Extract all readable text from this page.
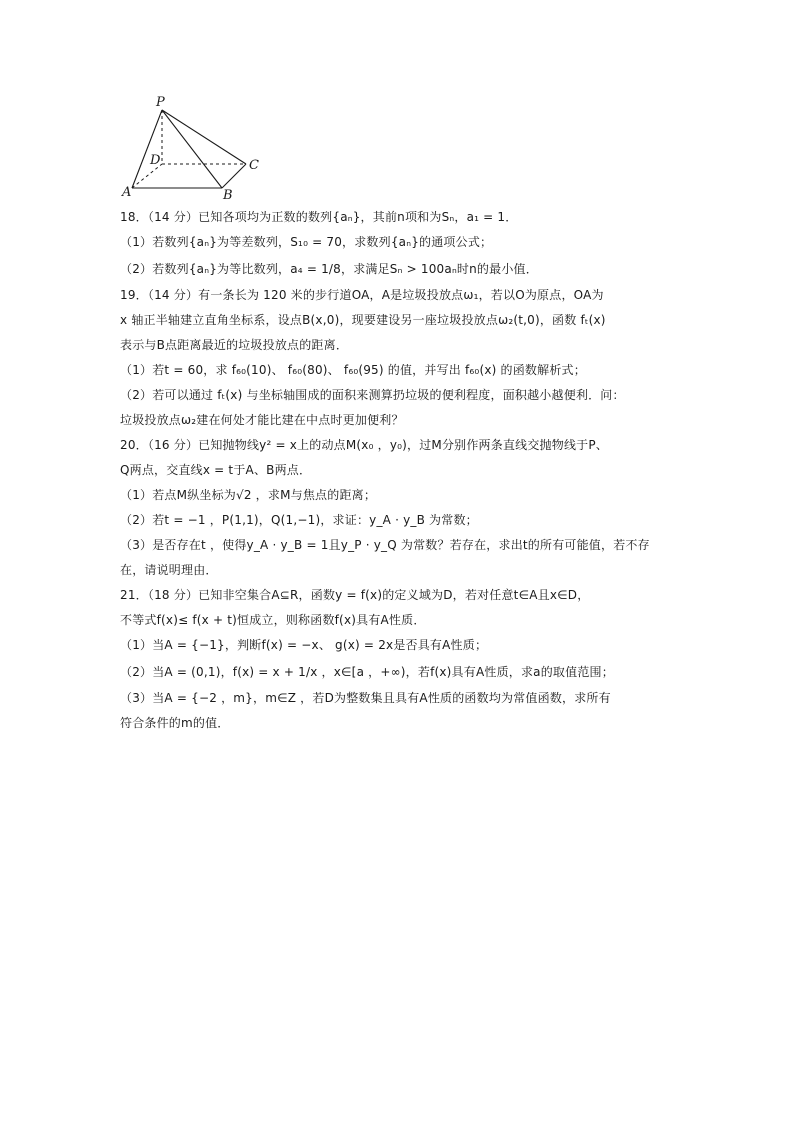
P
D	C
A	B
18．（14 分）已知各项均为正数的数列{aₙ}，其前n项和为Sₙ，a₁ = 1．
（1）若数列{aₙ}为等差数列，S₁₀ = 70，求数列{aₙ}的通项公式；
（2）若数列{aₙ}为等比数列，a₄ = 1/8，求满足Sₙ > 100aₙ时n的最小值．
19．（14 分）有一条长为 120 米的步行道OA，A是垃圾投放点ω₁，若以O为原点，OA为
x 轴正半轴建立直角坐标系，设点B(x,0)，现要建设另一座垃圾投放点ω₂(t,0)，函数 fₜ(x)
表示与B点距离最近的垃圾投放点的距离．
（1）若t = 60，求 f₆₀(10)、 f₆₀(80)、 f₆₀(95) 的值，并写出 f₆₀(x) 的函数解析式；
（2）若可以通过 fₜ(x) 与坐标轴围成的面积来测算扔垃圾的便利程度，面积越小越便利．问：
垃圾投放点ω₂建在何处才能比建在中点时更加便利？
20．（16 分）已知抛物线y² = x上的动点M(x₀ ，y₀)，过M分别作两条直线交抛物线于P、
Q两点，交直线x = t于A、B两点．
（1）若点M纵坐标为√2 ，求M与焦点的距离；
（2）若t = −1 ，P(1,1)，Q(1,−1)，求证：y_A · y_B 为常数；
（3）是否存在t ，使得y_A · y_B = 1且y_P · y_Q 为常数？若存在，求出t的所有可能值，若不存
在，请说明理由．
21．（18 分）已知非空集合A⊆R，函数y = f(x)的定义域为D，若对任意t∈A且x∈D，
不等式f(x)≤ f(x + t)恒成立，则称函数f(x)具有A性质．
（1）当A = {−1}，判断f(x) = −x、 g(x) = 2x是否具有A性质；
（2）当A = (0,1)，f(x) = x + 1/x ，x∈[a ，+∞)，若f(x)具有A性质，求a的取值范围；
（3）当A = {−2 ，m}，m∈Z ，若D为整数集且具有A性质的函数均为常值函数，求所有
符合条件的m的值．
